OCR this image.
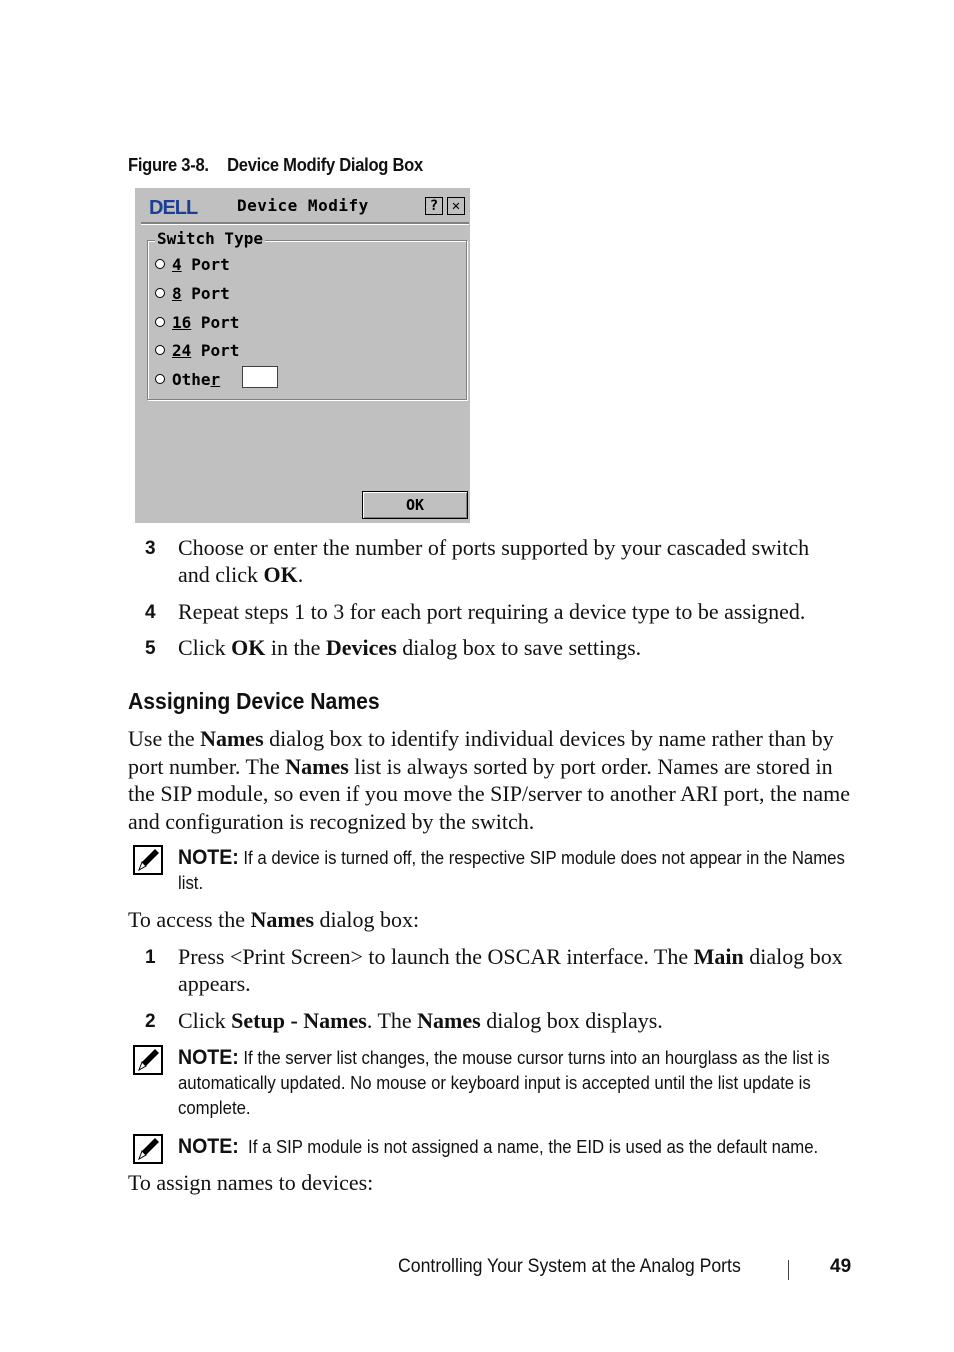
Figure 3-8. Device Modify Dialog Box
DELL Device Modify	? ✕
Switch Type
4 Port
8 Port
16 Port
24 Port
Othe r
OK
3 Choose or enter the number of ports supported by your cascaded switch and click OK.
4 Repeat steps 1 to 3 for each port requiring a device type to be assigned.
5 Click OK in the Devices dialog box to save settings.
Assigning Device Names
Use the Names dialog box to identify individual devices by name rather than by port number. The Names list is always sorted by port order. Names are stored in the SIP module, so even if you move the SIP/server to another ARI port, the name and configuration is recognized by the switch.
NOTE: If a device is turned off, the respective SIP module does not appear in the Names list.
To access the Names dialog box:
1 Press <Print Screen> to launch the OSCAR interface. The Main dialog box appears.
2 Click Setup - Names. The Names dialog box displays.
NOTE: If the server list changes, the mouse cursor turns into an hourglass as the list is automatically updated. No mouse or keyboard input is accepted until the list update is complete.
NOTE:  If a SIP module is not assigned a name, the EID is used as the default name.
To assign names to devices:
Controlling Your System at the Analog Ports	49
